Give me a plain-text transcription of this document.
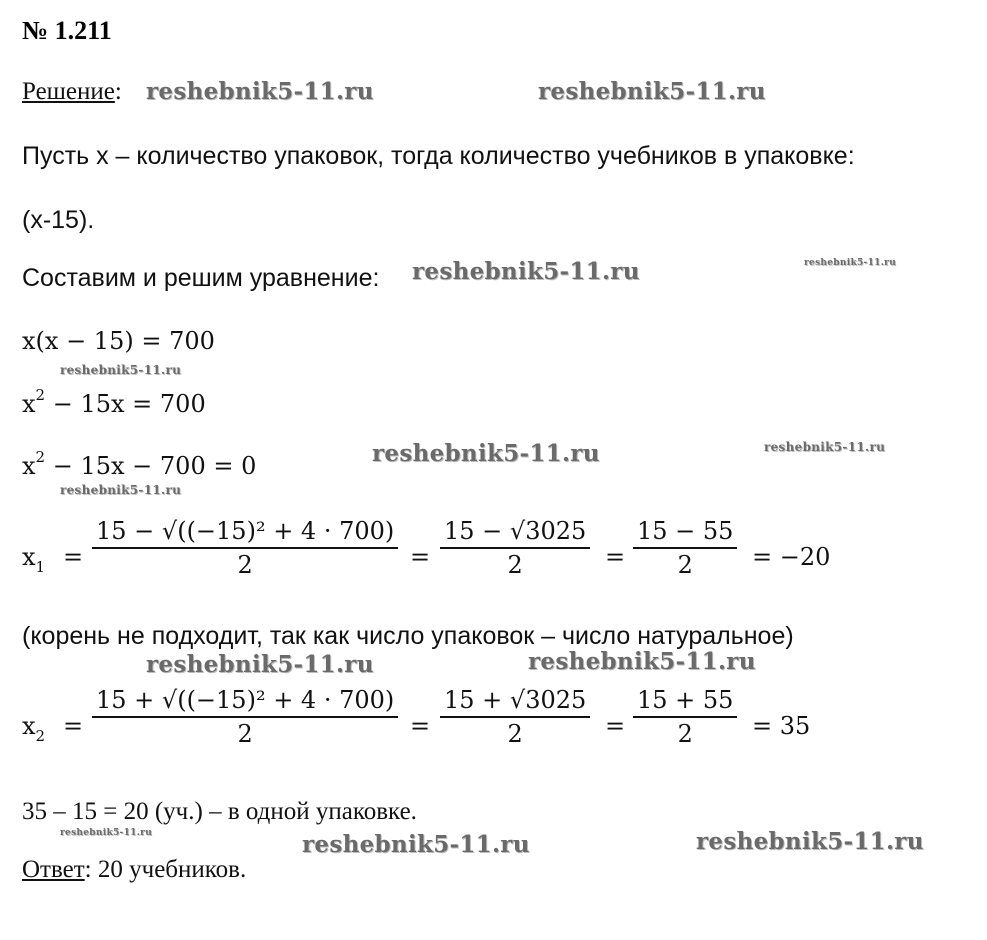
№ 1.211
Решение:
Пусть x – количество упаковок, тогда количество учебников в упаковке:
(x-15).
Составим и решим уравнение:
x(x − 15) = 700
$x^2 - 15x = 700$
$x^2 - 15x - 700 = 0$
$x_1$ =
15 − √((−15)² + 4 · 700)
2	=
15 − √3025
2	=
15 − 55
2 = −20
(корень не подходит, так как число упаковок – число натуральное)
$x_2$ =
15 + √((−15)² + 4 · 700)
2	=
15 + √3025
2	=
15 + 55
2 = 35
35 – 15 = 20 (уч.) – в одной упаковке.
Ответ: 20 учебников.
reshebnik5-11.ru	reshebnik5-11.ru
reshebnik5-11.ru	reshebnik5-11.ru
reshebnik5-11.ru
reshebnik5-11.ru	reshebnik5-11.ru
reshebnik5-11.ru
reshebnik5-11.ru	reshebnik5-11.ru
reshebnik5-11.ru	reshebnik5-11.ru	reshebnik5-11.ru
